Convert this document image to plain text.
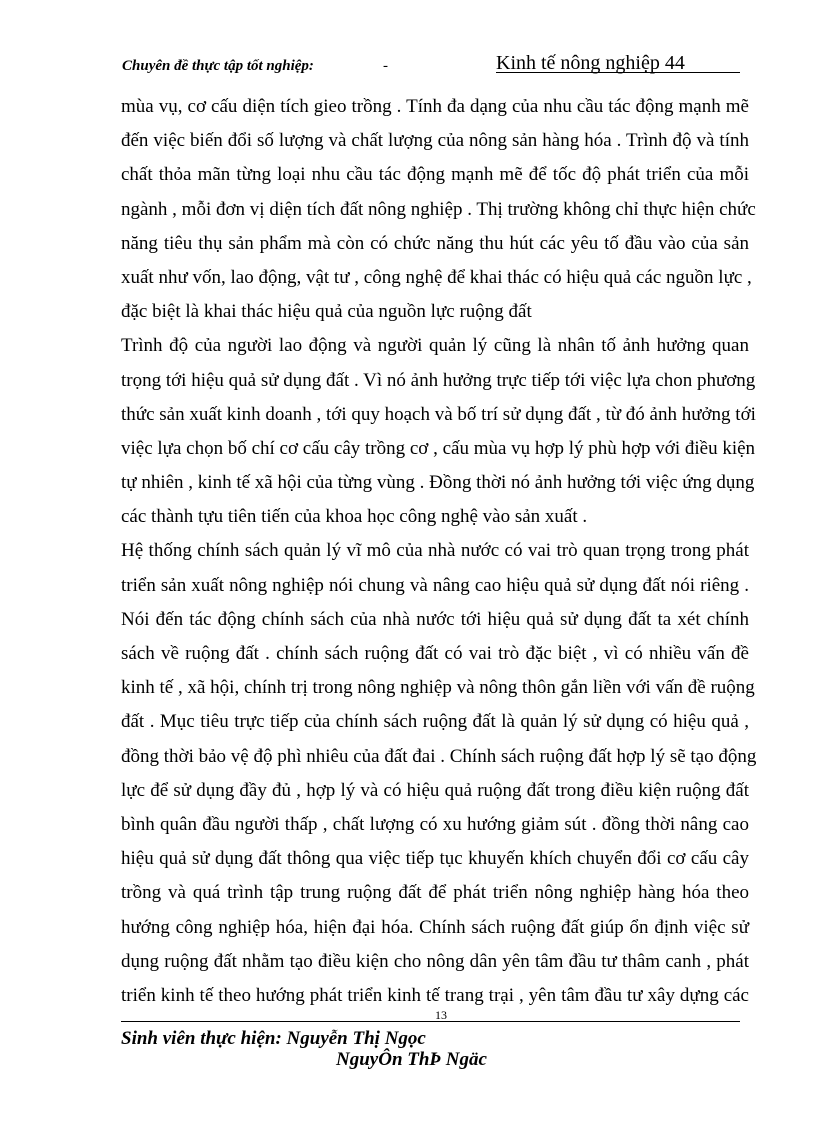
Chuyên đề thực tập tốt nghiệp:	-	Kinh tế nông nghiệp 44
mùa vụ, cơ cấu diện tích gieo trồng . Tính đa dạng của nhu cầu tác động mạnh mẽ
đến việc biến đổi số lượng và chất lượng của nông sản hàng hóa . Trình độ và tính
chất thỏa mãn từng loại nhu cầu tác động mạnh mẽ để tốc độ phát triển của mỗi
ngành , mỗi đơn vị diện tích đất nông nghiệp . Thị trường không chỉ thực hiện chức
năng tiêu thụ sản phẩm mà còn có chức năng thu hút các yêu tố đầu vào của sản
xuất như vốn, lao động, vật tư , công nghệ để khai thác có hiệu quả các nguồn lực ,
đặc biệt là khai thác hiệu quả của nguồn lực ruộng đất
Trình độ của người lao động và người quản lý cũng là nhân tố ảnh hưởng quan
trọng tới hiệu quả sử dụng đất . Vì nó ảnh hưởng trực tiếp tới việc lựa chon phương
thức sản xuất kinh doanh , tới quy hoạch và bố trí sử dụng đất , từ đó ảnh hưởng tới
việc lựa chọn bố chí cơ cấu cây trồng cơ , cấu mùa vụ hợp lý phù hợp với điều kiện
tự nhiên , kinh tế xã hội của từng vùng . Đồng thời nó ảnh hưởng tới việc ứng dụng
các thành tựu tiên tiến của khoa học công nghệ vào sản xuất .
Hệ thống chính sách quản lý vĩ mô của nhà nước có vai trò quan trọng trong phát
triển sản xuất nông nghiệp nói chung và nâng cao hiệu quả sử dụng đất nói riêng .
Nói đến tác động chính sách của nhà nước tới hiệu quả sử dụng đất ta xét chính
sách về ruộng đất . chính sách ruộng đất có vai trò đặc biệt , vì có nhiều vấn đề
kinh tế , xã hội, chính trị trong nông nghiệp và nông thôn gắn liền với vấn đề ruộng
đất . Mục tiêu trực tiếp của chính sách ruộng đất là quản lý sử dụng có hiệu quả ,
đồng thời bảo vệ độ phì nhiêu của đất đai . Chính sách ruộng đất hợp lý sẽ tạo động
lực để sử dụng đầy đủ , hợp lý và có hiệu quả ruộng đất trong điều kiện ruộng đất
bình quân đầu người thấp , chất lượng có xu hướng giảm sút . đồng thời nâng cao
hiệu quả sử dụng đất thông qua việc tiếp tục khuyến khích chuyển đổi cơ cấu cây
trồng và quá trình tập trung ruộng đất để phát triển nông nghiệp hàng hóa theo
hướng công nghiệp hóa, hiện đại hóa. Chính sách ruộng đất giúp ổn định việc sử
dụng ruộng đất nhằm tạo điều kiện cho nông dân yên tâm đầu tư thâm canh , phát
triển kinh tế theo hướng phát triển kinh tế trang trại , yên tâm đầu tư xây dựng các
13
Sinh viên thực hiện: Nguyễn Thị Ngọc
NguyÔn ThÞ Ngäc
